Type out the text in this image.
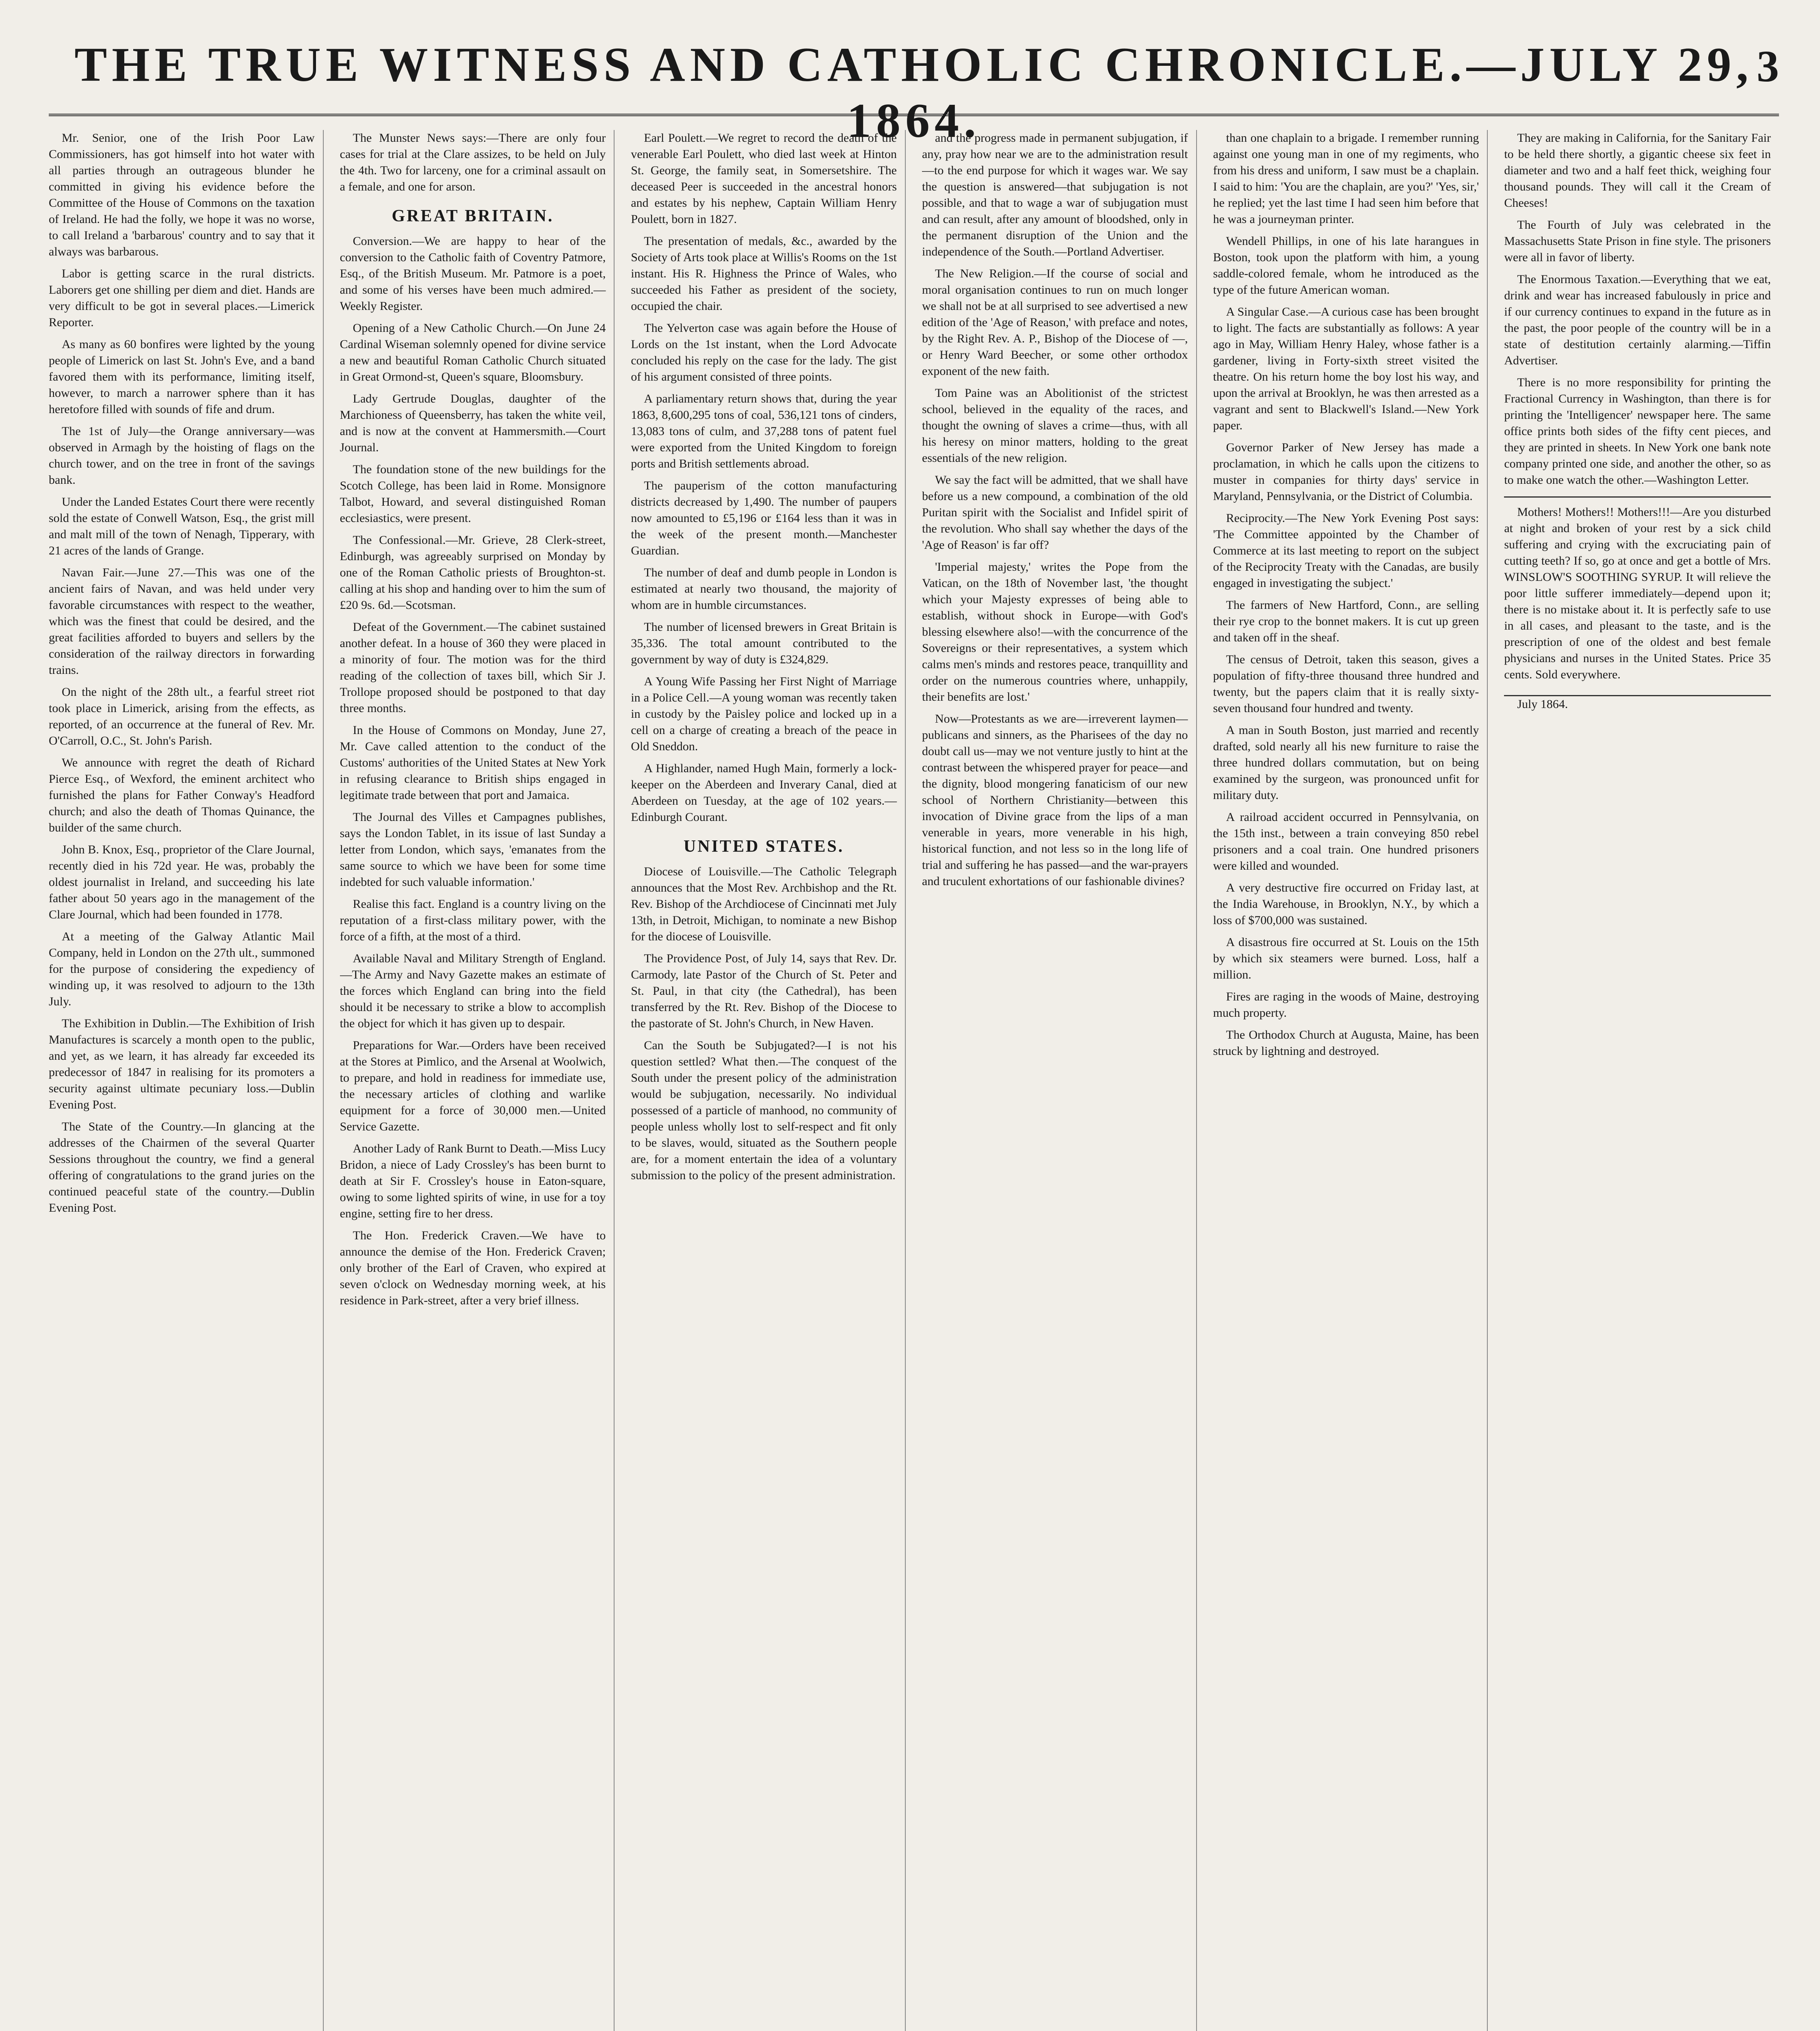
THE TRUE WITNESS AND CATHOLIC CHRONICLE.—JULY 29, 1864.
3

Mr. Senior, one of the Irish Poor Law Commissioners, has got himself into hot water with all parties through an outrageous blunder he committed in giving his evidence before the Committee of the House of Commons on the taxation of Ireland. He had the folly, we hope it was no worse, to call Ireland a 'barbarous' country and to say that it always was barbarous.

Labor is getting scarce in the rural districts. Laborers get one shilling per diem and diet. Hands are very difficult to be got in several places.—Limerick Reporter.

As many as 60 bonfires were lighted by the young people of Limerick on last St. John's Eve, and a band favored them with its performance, limiting itself, however, to march a narrower sphere than it has heretofore filled with sounds of fife and drum.

The 1st of July—the Orange anniversary—was observed in Armagh by the hoisting of flags on the church tower, and on the tree in front of the savings bank.

Under the Landed Estates Court there were recently sold the estate of Conwell Watson, Esq., the grist mill and malt mill of the town of Nenagh, Tipperary, with 21 acres of the lands of Grange.

Navan Fair.—June 27.—This was one of the ancient fairs of Navan, and was held under very favorable circumstances with respect to the weather, which was the finest that could be desired, and the great facilities afforded to buyers and sellers by the consideration of the railway directors in forwarding trains.

On the night of the 28th ult., a fearful street riot took place in Limerick, arising from the effects, as reported, of an occurrence at the funeral of Rev. Mr. O'Carroll, O.C., St. John's Parish.

We announce with regret the death of Richard Pierce Esq., of Wexford, the eminent architect who furnished the plans for Father Conway's Headford church; and also the death of Thomas Quinance, the builder of the same church.

John B. Knox, Esq., proprietor of the Clare Journal, recently died in his 72d year. He was, probably the oldest journalist in Ireland, and succeeding his late father about 50 years ago in the management of the Clare Journal, which had been founded in 1778.

At a meeting of the Galway Atlantic Mail Company, held in London on the 27th ult., summoned for the purpose of considering the expediency of winding up, it was resolved to adjourn to the 13th July.

The Exhibition in Dublin.—The Exhibition of Irish Manufactures is scarcely a month open to the public, and yet, as we learn, it has already far exceeded its predecessor of 1847 in realising for its promoters a security against ultimate pecuniary loss.—Dublin Evening Post.

The State of the Country.—In glancing at the addresses of the Chairmen of the several Quarter Sessions throughout the country, we find a general offering of congratulations to the grand juries on the continued peaceful state of the country.—Dublin Evening Post.

The Munster News says:—There are only four cases for trial at the Clare assizes, to be held on July the 4th. Two for larceny, one for a criminal assault on a female, and one for arson.

GREAT BRITAIN.

Conversion.—We are happy to hear of the conversion to the Catholic faith of Coventry Patmore, Esq., of the British Museum. Mr. Patmore is a poet, and some of his verses have been much admired.—Weekly Register.

Opening of a New Catholic Church.—On June 24 Cardinal Wiseman solemnly opened for divine service a new and beautiful Roman Catholic Church situated in Great Ormond-st, Queen's square, Bloomsbury.

Lady Gertrude Douglas, daughter of the Marchioness of Queensberry, has taken the white veil, and is now at the convent at Hammersmith.—Court Journal.

The foundation stone of the new buildings for the Scotch College, has been laid in Rome. Monsignore Talbot, Howard, and several distinguished Roman ecclesiastics, were present.

The Confessional.—Mr. Grieve, 28 Clerk-street, Edinburgh, was agreeably surprised on Monday by one of the Roman Catholic priests of Broughton-st. calling at his shop and handing over to him the sum of £20 9s. 6d.—Scotsman.

Defeat of the Government.—The cabinet sustained another defeat. In a house of 360 they were placed in a minority of four. The motion was for the third reading of the collection of taxes bill, which Sir J. Trollope proposed should be postponed to that day three months.

In the House of Commons on Monday, June 27, Mr. Cave called attention to the conduct of the Customs' authorities of the United States at New York in refusing clearance to British ships engaged in legitimate trade between that port and Jamaica.

The Journal des Villes et Campagnes publishes, says the London Tablet, in its issue of last Sunday a letter from London, which says, 'emanates from the same source to which we have been for some time indebted for such valuable information.'

Realise this fact. England is a country living on the reputation of a first-class military power, with the force of a fifth, at the most of a third.

Available Naval and Military Strength of England.—The Army and Navy Gazette makes an estimate of the forces which England can bring into the field should it be necessary to strike a blow to accomplish the object for which it has given up to despair.

Preparations for War.—Orders have been received at the Stores at Pimlico, and the Arsenal at Woolwich, to prepare, and hold in readiness for immediate use, the necessary articles of clothing and warlike equipment for a force of 30,000 men.—United Service Gazette.

Another Lady of Rank Burnt to Death.—Miss Lucy Bridon, a niece of Lady Crossley's has been burnt to death at Sir F. Crossley's house in Eaton-square, owing to some lighted spirits of wine, in use for a toy engine, setting fire to her dress.

The Hon. Frederick Craven.—We have to announce the demise of the Hon. Frederick Craven; only brother of the Earl of Craven, who expired at seven o'clock on Wednesday morning week, at his residence in Park-street, after a very brief illness.

Earl Poulett.—We regret to record the death of the venerable Earl Poulett, who died last week at Hinton St. George, the family seat, in Somersetshire. The deceased Peer is succeeded in the ancestral honors and estates by his nephew, Captain William Henry Poulett, born in 1827.

The presentation of medals, &c., awarded by the Society of Arts took place at Willis's Rooms on the 1st instant. His R. Highness the Prince of Wales, who succeeded his Father as president of the society, occupied the chair.

The Yelverton case was again before the House of Lords on the 1st instant, when the Lord Advocate concluded his reply on the case for the lady. The gist of his argument consisted of three points.

A parliamentary return shows that, during the year 1863, 8,600,295 tons of coal, 536,121 tons of cinders, 13,083 tons of culm, and 37,288 tons of patent fuel were exported from the United Kingdom to foreign ports and British settlements abroad.

The pauperism of the cotton manufacturing districts decreased by 1,490. The number of paupers now amounted to £5,196 or £164 less than it was in the week of the present month.—Manchester Guardian.

The number of deaf and dumb people in London is estimated at nearly two thousand, the majority of whom are in humble circumstances.

The number of licensed brewers in Great Britain is 35,336. The total amount contributed to the government by way of duty is £324,829.

A Young Wife Passing her First Night of Marriage in a Police Cell.—A young woman was recently taken in custody by the Paisley police and locked up in a cell on a charge of creating a breach of the peace in Old Sneddon.

A Highlander, named Hugh Main, formerly a lock-keeper on the Aberdeen and Inverary Canal, died at Aberdeen on Tuesday, at the age of 102 years.—Edinburgh Courant.

UNITED STATES.

Diocese of Louisville.—The Catholic Telegraph announces that the Most Rev. Archbishop and the Rt. Rev. Bishop of the Archdiocese of Cincinnati met July 13th, in Detroit, Michigan, to nominate a new Bishop for the diocese of Louisville.

The Providence Post, of July 14, says that Rev. Dr. Carmody, late Pastor of the Church of St. Peter and St. Paul, in that city (the Cathedral), has been transferred by the Rt. Rev. Bishop of the Diocese to the pastorate of St. John's Church, in New Haven.

Can the South be Subjugated?—I is not his question settled? What then.—The conquest of the South under the present policy of the administration would be subjugation, necessarily. No individual possessed of a particle of manhood, no community of people unless wholly lost to self-respect and fit only to be slaves, would, situated as the Southern people are, for a moment entertain the idea of a voluntary submission to the policy of the present administration.

and the progress made in permanent subjugation, if any, pray how near we are to the administration result—to the end purpose for which it wages war. We say the question is answered—that subjugation is not possible, and that to wage a war of subjugation must and can result, after any amount of bloodshed, only in the permanent disruption of the Union and the independence of the South.—Portland Advertiser.

The New Religion.—If the course of social and moral organisation continues to run on much longer we shall not be at all surprised to see advertised a new edition of the 'Age of Reason,' with preface and notes, by the Right Rev. A. P., Bishop of the Diocese of —, or Henry Ward Beecher, or some other orthodox exponent of the new faith.

Tom Paine was an Abolitionist of the strictest school, believed in the equality of the races, and thought the owning of slaves a crime—thus, with all his heresy on minor matters, holding to the great essentials of the new religion.

We say the fact will be admitted, that we shall have before us a new compound, a combination of the old Puritan spirit with the Socialist and Infidel spirit of the revolution. Who shall say whether the days of the 'Age of Reason' is far off?

'Imperial majesty,' writes the Pope from the Vatican, on the 18th of November last, 'the thought which your Majesty expresses of being able to establish, without shock in Europe—with God's blessing elsewhere also!—with the concurrence of the Sovereigns or their representatives, a system which calms men's minds and restores peace, tranquillity and order on the numerous countries where, unhappily, their benefits are lost.'

Now—Protestants as we are—irreverent laymen—publicans and sinners, as the Pharisees of the day no doubt call us—may we not venture justly to hint at the contrast between the whispered prayer for peace—and the dignity, blood mongering fanaticism of our new school of Northern Christianity—between this invocation of Divine grace from the lips of a man venerable in years, more venerable in his high, historical function, and not less so in the long life of trial and suffering he has passed—and the war-prayers and truculent exhortations of our fashionable divines?

than one chaplain to a brigade. I remember running against one young man in one of my regiments, who from his dress and uniform, I saw must be a chaplain. I said to him: 'You are the chaplain, are you?' 'Yes, sir,' he replied; yet the last time I had seen him before that he was a journeyman printer.

Wendell Phillips, in one of his late harangues in Boston, took upon the platform with him, a young saddle-colored female, whom he introduced as the type of the future American woman.

A Singular Case.—A curious case has been brought to light. The facts are substantially as follows: A year ago in May, William Henry Haley, whose father is a gardener, living in Forty-sixth street visited the theatre. On his return home the boy lost his way, and upon the arrival at Brooklyn, he was then arrested as a vagrant and sent to Blackwell's Island.—New York paper.

Governor Parker of New Jersey has made a proclamation, in which he calls upon the citizens to muster in companies for thirty days' service in Maryland, Pennsylvania, or the District of Columbia.

Reciprocity.—The New York Evening Post says: 'The Committee appointed by the Chamber of Commerce at its last meeting to report on the subject of the Reciprocity Treaty with the Canadas, are busily engaged in investigating the subject.'

The farmers of New Hartford, Conn., are selling their rye crop to the bonnet makers. It is cut up green and taken off in the sheaf.

The census of Detroit, taken this season, gives a population of fifty-three thousand three hundred and twenty, but the papers claim that it is really sixty-seven thousand four hundred and twenty.

A man in South Boston, just married and recently drafted, sold nearly all his new furniture to raise the three hundred dollars commutation, but on being examined by the surgeon, was pronounced unfit for military duty.

A railroad accident occurred in Pennsylvania, on the 15th inst., between a train conveying 850 rebel prisoners and a coal train. One hundred prisoners were killed and wounded.

A very destructive fire occurred on Friday last, at the India Warehouse, in Brooklyn, N.Y., by which a loss of $700,000 was sustained.

A disastrous fire occurred at St. Louis on the 15th by which six steamers were burned. Loss, half a million.

Fires are raging in the woods of Maine, destroying much property.

The Orthodox Church at Augusta, Maine, has been struck by lightning and destroyed.

They are making in California, for the Sanitary Fair to be held there shortly, a gigantic cheese six feet in diameter and two and a half feet thick, weighing four thousand pounds. They will call it the Cream of Cheeses!

The Fourth of July was celebrated in the Massachusetts State Prison in fine style. The prisoners were all in favor of liberty.

The Enormous Taxation.—Everything that we eat, drink and wear has increased fabulously in price and if our currency continues to expand in the future as in the past, the poor people of the country will be in a state of destitution certainly alarming.—Tiffin Advertiser.

There is no more responsibility for printing the Fractional Currency in Washington, than there is for printing the 'Intelligencer' newspaper here. The same office prints both sides of the fifty cent pieces, and they are printed in sheets. In New York one bank note company printed one side, and another the other, so as to make one watch the other.—Washington Letter.

Mothers! Mothers!! Mothers!!!—Are you disturbed at night and broken of your rest by a sick child suffering and crying with the excruciating pain of cutting teeth? If so, go at once and get a bottle of Mrs. WINSLOW'S SOOTHING SYRUP. It will relieve the poor little sufferer immediately—depend upon it; there is no mistake about it. It is perfectly safe to use in all cases, and pleasant to the taste, and is the prescription of one of the oldest and best female physicians and nurses in the United States. Price 35 cents. Sold everywhere.

July 1864.
